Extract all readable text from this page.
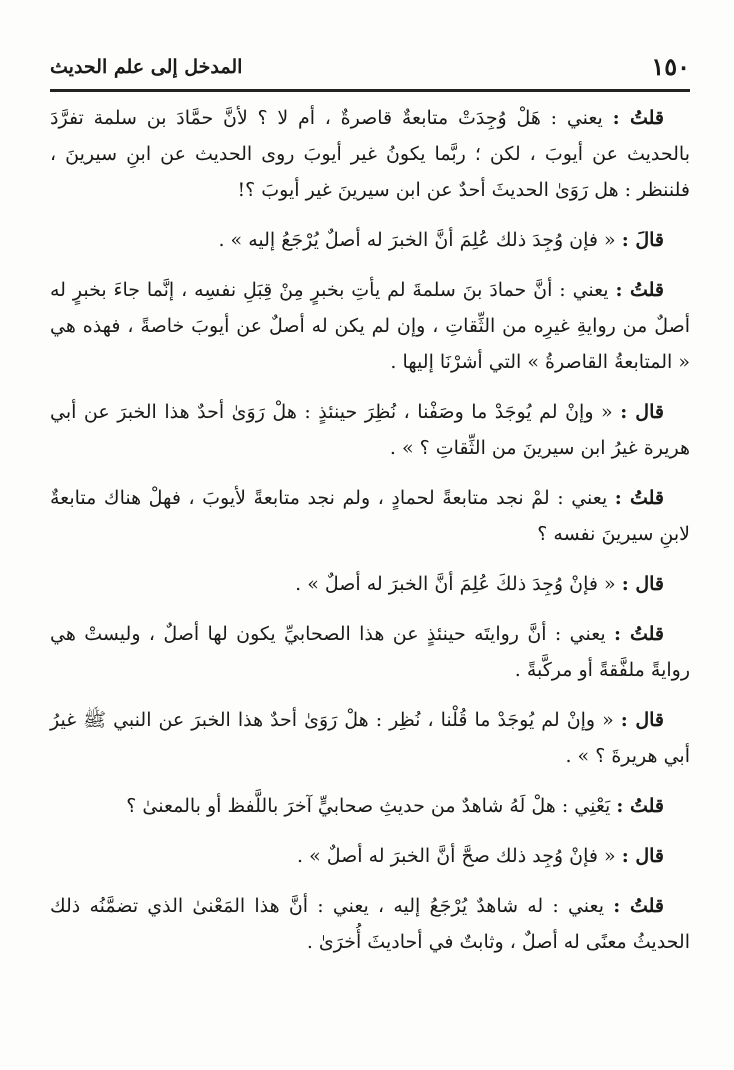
١٥٠
المدخل إلى علم الحديث

قلتُ : يعني : هَلْ وُجِدَتْ متابعةٌ قاصرةٌ ، أم لا ؟ لأنَّ حمَّادَ بن سلمة تفرَّدَ بالحديث عن أيوبَ ، لكن ؛ ربَّما يكونُ غير أيوبَ روى الحديث عن ابنِ سيرينَ ، فلننظر : هل رَوَىٰ الحديثَ أحدٌ عن ابن سيرينَ غير أيوبَ ؟!

قالَ : « فإن وُجِدَ ذلك عُلِمَ أنَّ الخبرَ له أصلٌ يُرْجَعُ إليه » .

قلتُ : يعني : أنَّ حمادَ بنَ سلمةَ لم يأتِ بخبرٍ مِنْ قِبَلِ نفسِه ، إنَّما جاءَ بخبرٍ له أصلٌ من روايةِ غيرِه من الثِّقاتِ ، وإن لم يكن له أصلٌ عن أيوبَ خاصةً ، فهذه هي « المتابعةُ القاصرةُ » التي أشرْنَا إليها .

قال : « وإنْ لم يُوجَدْ ما وصَفْنا ، نُظِرَ حينئذٍ : هلْ رَوَىٰ أحدٌ هذا الخبرَ عن أبي هريرة غيرُ ابن سيرينَ من الثِّقاتِ ؟ » .

قلتُ : يعني : لمْ نجد متابعةً لحمادٍ ، ولم نجد متابعةً لأيوبَ ، فهلْ هناك متابعةٌ لابنِ سيرينَ نفسه ؟

قال : « فإنْ وُجِدَ ذلكَ عُلِمَ أنَّ الخبرَ له أصلٌ » .

قلتُ : يعني : أنَّ روايتَه حينئذٍ عن هذا الصحابيِّ يكون لها أصلٌ ، وليستْ هي روايةً ملفَّقةً أو مركَّبةً .

قال : « وإنْ لم يُوجَدْ ما قُلْنا ، نُظِر : هلْ رَوَىٰ أحدٌ هذا الخبرَ عن النبي ﷺ غيرُ أبي هريرةَ ؟ » .

قلتُ : يَعْنِي : هلْ لَهُ شاهدٌ من حديثِ صحابيٍّ آخرَ باللَّفظ أو بالمعنىٰ ؟

قال : « فإنْ وُجِد ذلك صحَّ أنَّ الخبرَ له أصلٌ » .

قلتُ : يعني : له شاهدٌ يُرْجَعُ إليه ، يعني : أنَّ هذا المَعْنىٰ الذي تضمَّنُه ذلك الحديثُ معنًى له أصلٌ ، وثابتٌ في أحاديثَ أُخرَىٰ .
